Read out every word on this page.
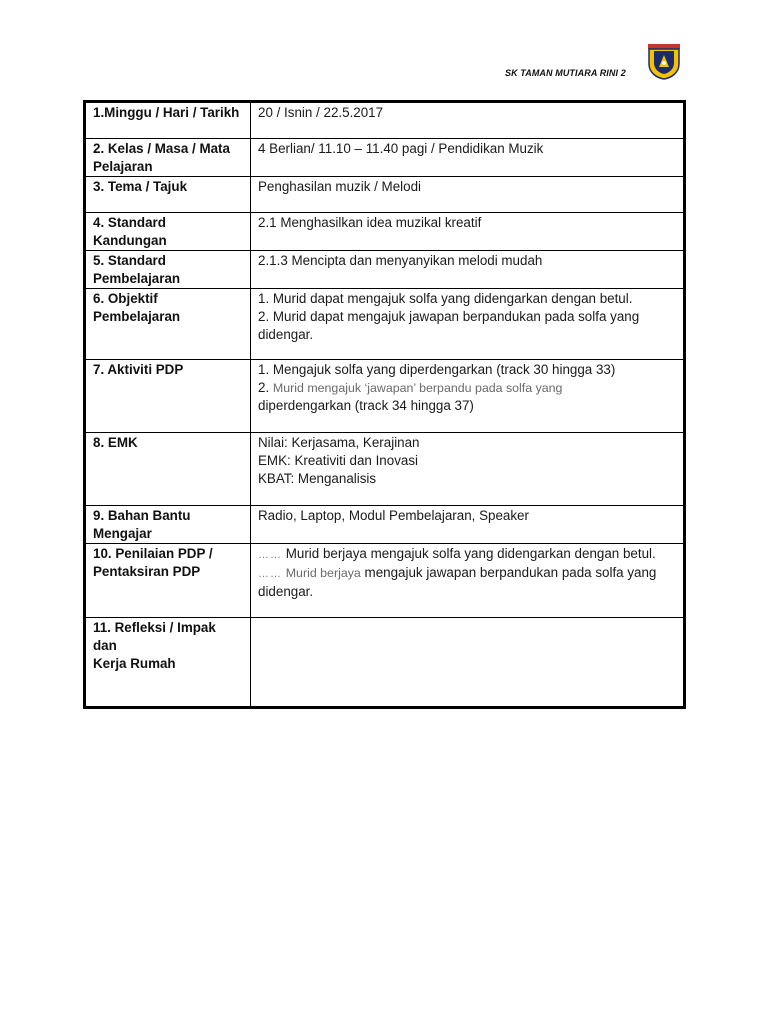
SK TAMAN MUTIARA RINI 2
1.Minggu / Hari / Tarikh	20 / Isnin / 22.5.2017

2. Kelas / Masa / Mata Pelajaran	4 Berlian/ 11.10 – 11.40 pagi / Pendidikan Muzik

3. Tema / Tajuk	Penghasilan muzik / Melodi

4. Standard Kandungan	2.1 Menghasilkan idea muzikal kreatif

5. Standard Pembelajaran	2.1.3 Mencipta dan menyanyikan melodi mudah

6. Objektif Pembelajaran	1. Murid dapat mengajuk solfa yang didengarkan dengan betul.
2. Murid dapat mengajuk jawapan berpandukan pada solfa yang didengar.

7. Aktiviti PDP	1. Mengajuk solfa yang diperdengarkan (track 30 hingga 33)
2. Murid mengajuk ‘jawapan’ berpandu pada solfa yang
diperdengarkan (track 34 hingga 37)

8. EMK	Nilai: Kerjasama, Kerajinan
EMK: Kreativiti dan Inovasi
KBAT: Menganalisis

9. Bahan Bantu Mengajar	Radio, Laptop, Modul Pembelajaran, Speaker

10. Penilaian PDP / Pentaksiran PDP	…… Murid berjaya mengajuk solfa yang didengarkan dengan betul.
…… Murid berjaya mengajuk jawapan berpandukan pada solfa yang didengar.

11. Refleksi / Impak dan
Kerja Rumah	
